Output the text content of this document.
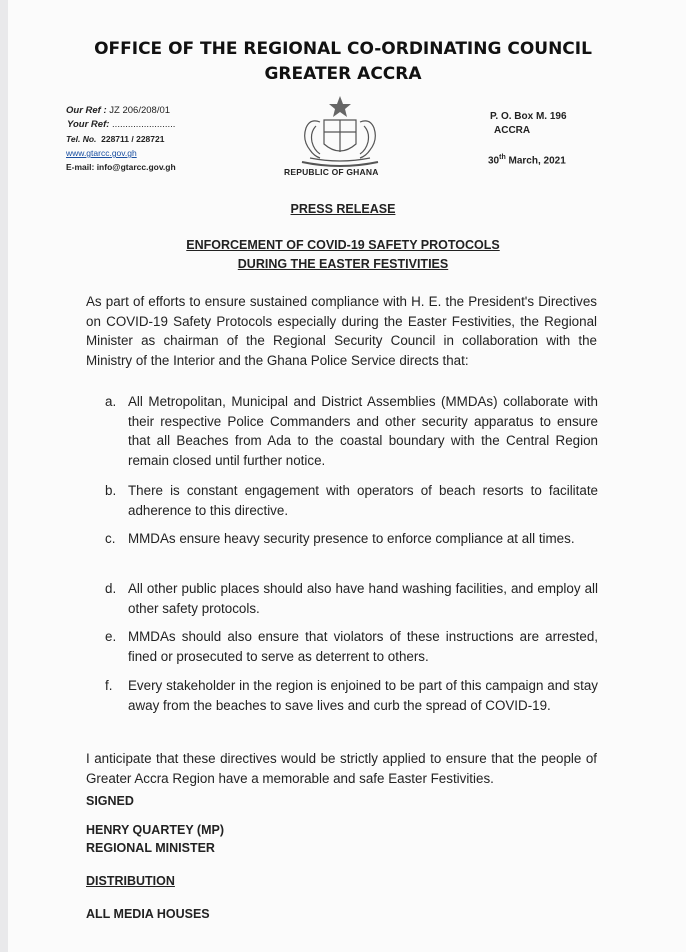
OFFICE OF THE REGIONAL CO-ORDINATING COUNCIL
GREATER ACCRA
Our Ref : JZ 206/208/01
Your Ref: ........................
Tel. No. 228711 / 228721
www.gtarcc.gov.gh
E-mail: info@gtarcc.gov.gh	REPUBLIC OF GHANA
P. O. Box M. 196
ACCRA
30th March, 2021
PRESS RELEASE
ENFORCEMENT OF COVID-19 SAFETY PROTOCOLS
DURING THE EASTER FESTIVITIES
As part of efforts to ensure sustained compliance with H. E. the President's Directives on COVID-19 Safety Protocols especially during the Easter Festivities, the Regional Minister as chairman of the Regional Security Council in collaboration with the Ministry of the Interior and the Ghana Police Service directs that:
a. All Metropolitan, Municipal and District Assemblies (MMDAs) collaborate with their respective Police Commanders and other security apparatus to ensure that all Beaches from Ada to the coastal boundary with the Central Region remain closed until further notice.
b. There is constant engagement with operators of beach resorts to facilitate adherence to this directive.
c. MMDAs ensure heavy security presence to enforce compliance at all times.
d. All other public places should also have hand washing facilities, and employ all other safety protocols.
e. MMDAs should also ensure that violators of these instructions are arrested, fined or prosecuted to serve as deterrent to others.
f.	Every stakeholder in the region is enjoined to be part of this campaign and stay away from the beaches to save lives and curb the spread of COVID-19.
I anticipate that these directives would be strictly applied to ensure that the people of Greater Accra Region have a memorable and safe Easter Festivities.
SIGNED
HENRY QUARTEY (MP)
REGIONAL MINISTER
DISTRIBUTION
ALL MEDIA HOUSES
